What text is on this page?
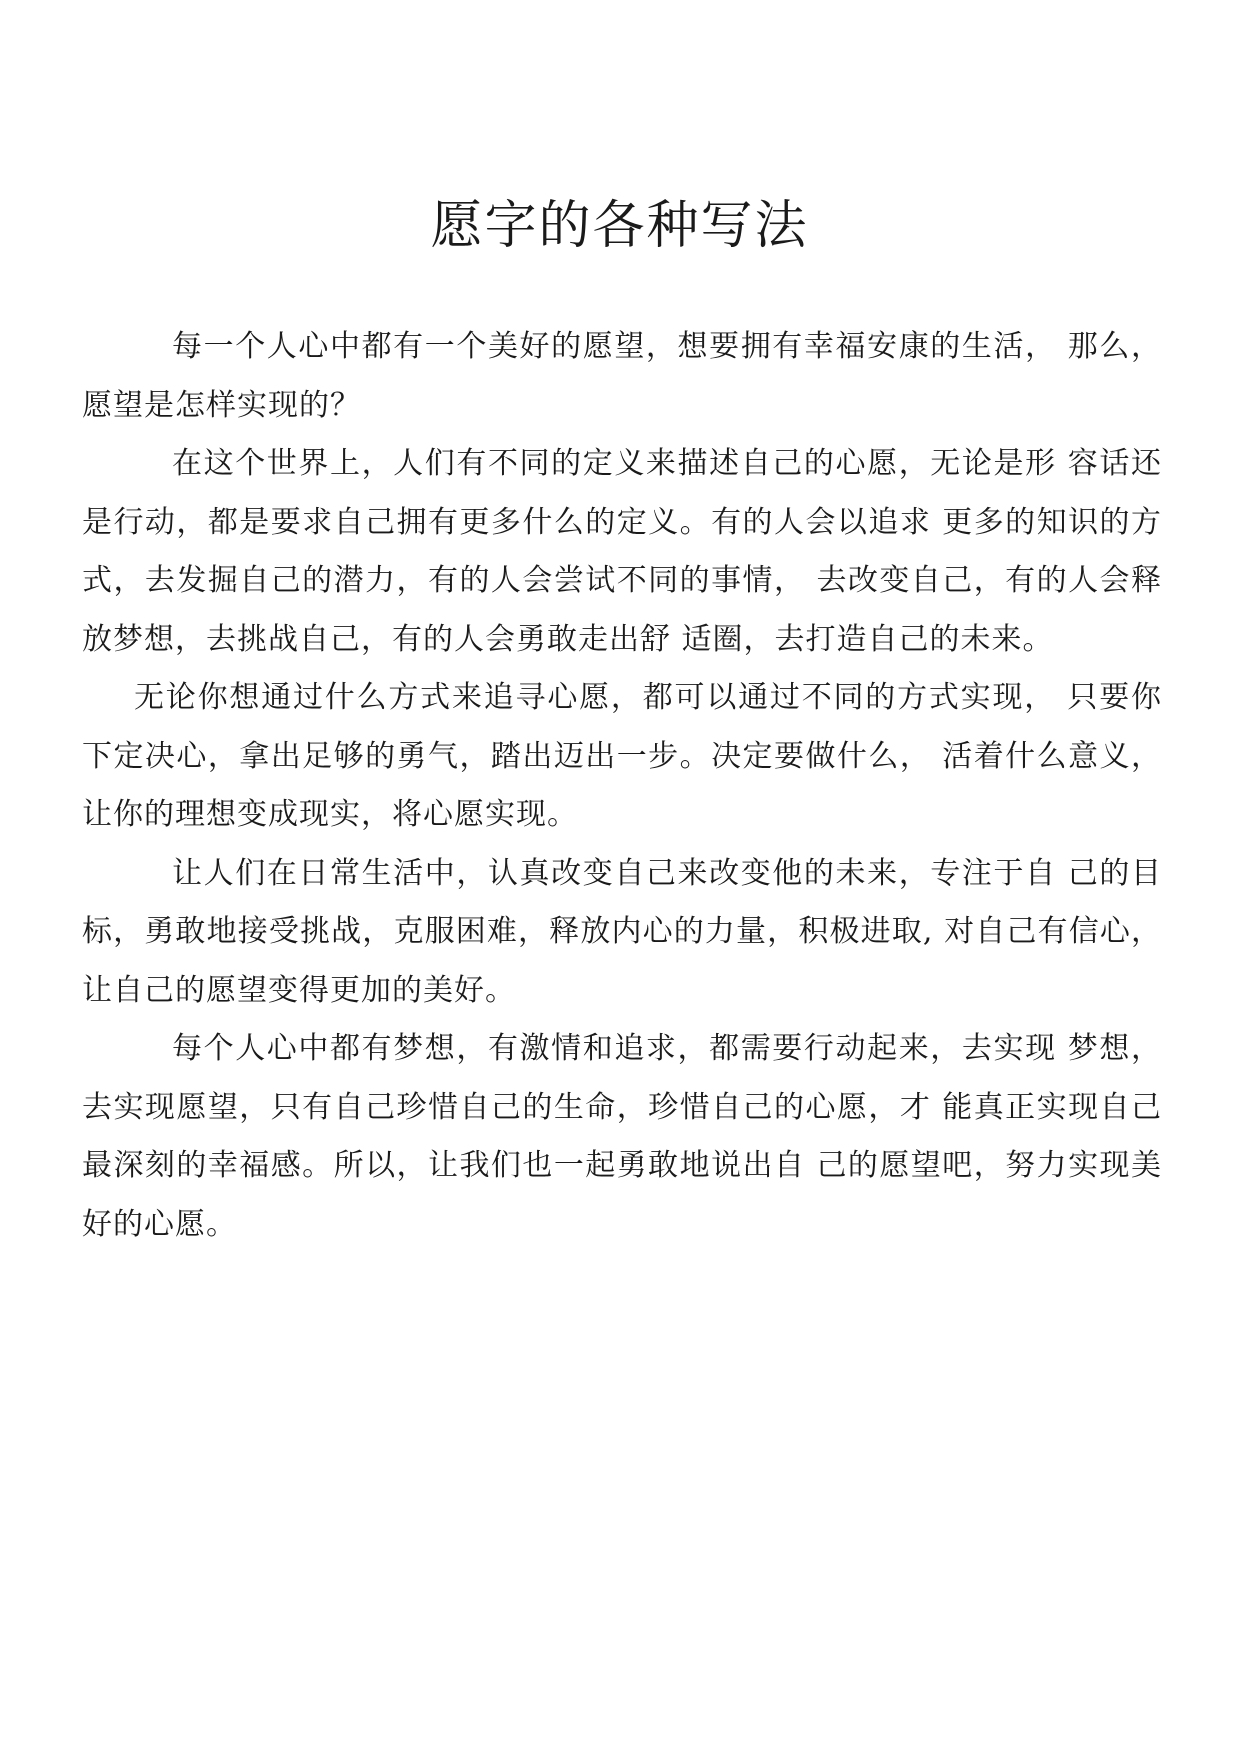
愿字的各种写法

每一个人心中都有一个美好的愿望，想要拥有幸福安康的生活， 那么，愿望是怎样实现的？

在这个世界上，人们有不同的定义来描述自己的心愿，无论是形 容话还是行动，都是要求自己拥有更多什么的定义。有的人会以追求 更多的知识的方式，去发掘自己的潜力，有的人会尝试不同的事情， 去改变自己，有的人会释放梦想，去挑战自己，有的人会勇敢走出舒 适圈，去打造自己的未来。

无论你想通过什么方式来追寻心愿，都可以通过不同的方式实现， 只要你下定决心，拿出足够的勇气，踏出迈出一步。决定要做什么， 活着什么意义，让你的理想变成现实，将心愿实现。

让人们在日常生活中，认真改变自己来改变他的未来，专注于自 己的目标，勇敢地接受挑战，克服困难，释放内心的力量，积极进取, 对自己有信心，让自己的愿望变得更加的美好。

每个人心中都有梦想，有激情和追求，都需要行动起来，去实现 梦想，去实现愿望，只有自己珍惜自己的生命，珍惜自己的心愿，才 能真正实现自己最深刻的幸福感。所以，让我们也一起勇敢地说出自 己的愿望吧，努力实现美好的心愿。
